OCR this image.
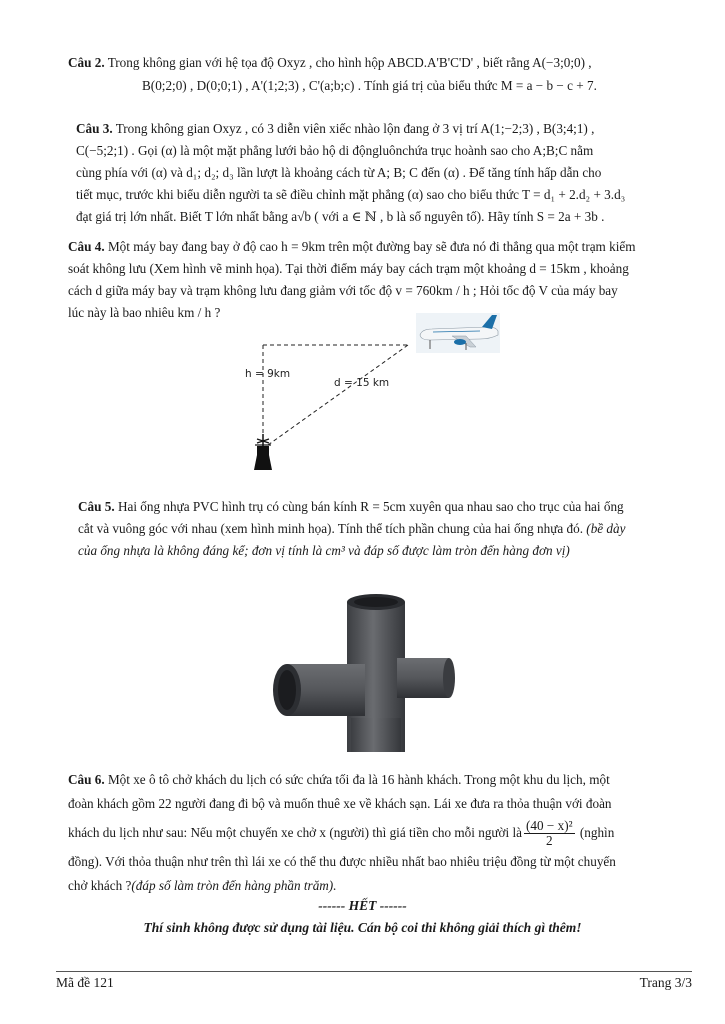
Câu 2. Trong không gian với hệ tọa độ Oxyz , cho hình hộp ABCD.A'B'C'D' , biết rằng A(−3;0;0) ,
B(0;2;0) , D(0;0;1) , A'(1;2;3) , C'(a;b;c) . Tính giá trị của biểu thức M = a − b − c + 7.
Câu 3. Trong không gian Oxyz , có 3 diễn viên xiếc nhào lộn đang ở 3 vị trí A(1;−2;3) , B(3;4;1) ,
C(−5;2;1) . Gọi (α) là một mặt phẳng lưới bảo hộ di độngluônchứa trục hoành sao cho A;B;C nằm
cùng phía với (α) và d₁; d₂; d₃ lần lượt là khoảng cách từ A; B; C đến (α) . Để tăng tính hấp dẫn cho
tiết mục, trước khi biểu diễn người ta sẽ điều chỉnh mặt phẳng (α) sao cho biểu thức T = d₁ + 2.d₂ + 3.d₃
đạt giá trị lớn nhất. Biết T lớn nhất bằng a√b ( với a ∈ ℕ , b là số nguyên tố). Hãy tính S = 2a + 3b .
Câu 4. Một máy bay đang bay ở độ cao h = 9km trên một đường bay sẽ đưa nó đi thẳng qua một trạm kiểm
soát không lưu (Xem hình vẽ minh họa). Tại thời điểm máy bay cách trạm một khoảng d = 15km , khoảng
cách d giữa máy bay và trạm không lưu đang giảm với tốc độ v = 760km / h ; Hỏi tốc độ V của máy bay
lúc này là bao nhiêu km / h ?
h = 9km
d = 15 km
Câu 5. Hai ống nhựa PVC hình trụ có cùng bán kính R = 5cm xuyên qua nhau sao cho trục của hai ống
cắt và vuông góc với nhau (xem hình minh họa). Tính thể tích phần chung của hai ống nhựa đó. (bề dày
của ống nhựa là không đáng kể; đơn vị tính là cm³ và đáp số được làm tròn đến hàng đơn vị)
Câu 6. Một xe ô tô chở khách du lịch có sức chứa tối đa là 16 hành khách. Trong một khu du lịch, một
đoàn khách gồm 22 người đang đi bộ và muốn thuê xe về khách sạn. Lái xe đưa ra thỏa thuận với đoàn
khách du lịch như sau: Nếu một chuyến xe chở x (người) thì giá tiền cho mỗi người là $\frac{\text{(40 − x)²}}{2}$ (nghìn
đồng). Với thỏa thuận như trên thì lái xe có thể thu được nhiều nhất bao nhiêu triệu đồng từ một chuyến
chở khách ?(đáp số làm tròn đến hàng phần trăm).
------ HẾT ------
Thí sinh không được sử dụng tài liệu. Cán bộ coi thi không giải thích gì thêm!
Mã đề 121	Trang 3/3
